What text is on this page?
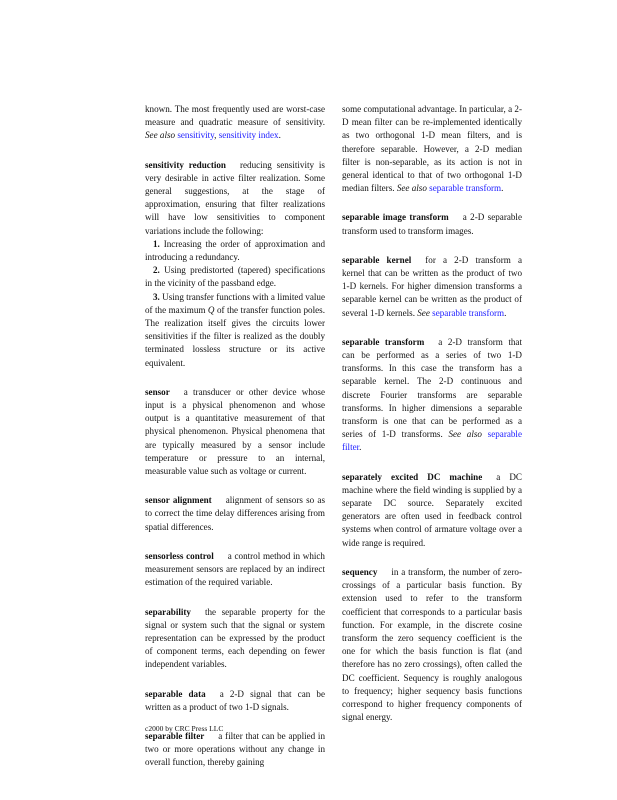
known. The most frequently used are worst-case measure and quadratic measure of sensitivity. See also sensitivity, sensitivity index.

sensitivity reduction reducing sensitivity is very desirable in active filter realization. Some general suggestions, at the stage of approximation, ensuring that filter realizations will have low sensitivities to component variations include the following:

1. Increasing the order of approximation and introducing a redundancy.

2. Using predistorted (tapered) specifications in the vicinity of the passband edge.

3. Using transfer functions with a limited value of the maximum Q of the transfer function poles. The realization itself gives the circuits lower sensitivities if the filter is realized as the doubly terminated lossless structure or its active equivalent.

sensor a transducer or other device whose input is a physical phenomenon and whose output is a quantitative measurement of that physical phenomenon. Physical phenomena that are typically measured by a sensor include temperature or pressure to an internal, measurable value such as voltage or current.

sensor alignment alignment of sensors so as to correct the time delay differences arising from spatial differences.

sensorless control a control method in which measurement sensors are replaced by an indirect estimation of the required variable.

separability the separable property for the signal or system such that the signal or system representation can be expressed by the product of component terms, each depending on fewer independent variables.

separable data a 2-D signal that can be written as a product of two 1-D signals.

separable filter a filter that can be applied in two or more operations without any change in overall function, thereby gaining

some computational advantage. In particular, a 2-D mean filter can be re-implemented identically as two orthogonal 1-D mean filters, and is therefore separable. However, a 2-D median filter is non-separable, as its action is not in general identical to that of two orthogonal 1-D median filters. See also separable transform.

separable image transform a 2-D separable transform used to transform images.

separable kernel for a 2-D transform a kernel that can be written as the product of two 1-D kernels. For higher dimension transforms a separable kernel can be written as the product of several 1-D kernels. See separable transform.

separable transform a 2-D transform that can be performed as a series of two 1-D transforms. In this case the transform has a separable kernel. The 2-D continuous and discrete Fourier transforms are separable transforms. In higher dimensions a separable transform is one that can be performed as a series of 1-D transforms. See also separable filter.

separately excited DC machine a DC machine where the field winding is supplied by a separate DC source. Separately excited generators are often used in feedback control systems when control of armature voltage over a wide range is required.

sequency in a transform, the number of zero-crossings of a particular basis function. By extension used to refer to the transform coefficient that corresponds to a particular basis function. For example, in the discrete cosine transform the zero sequency coefficient is the one for which the basis function is flat (and therefore has no zero crossings), often called the DC coefficient. Sequency is roughly analogous to frequency; higher sequency basis functions correspond to higher frequency components of signal energy.

c2000 by CRC Press LLC
